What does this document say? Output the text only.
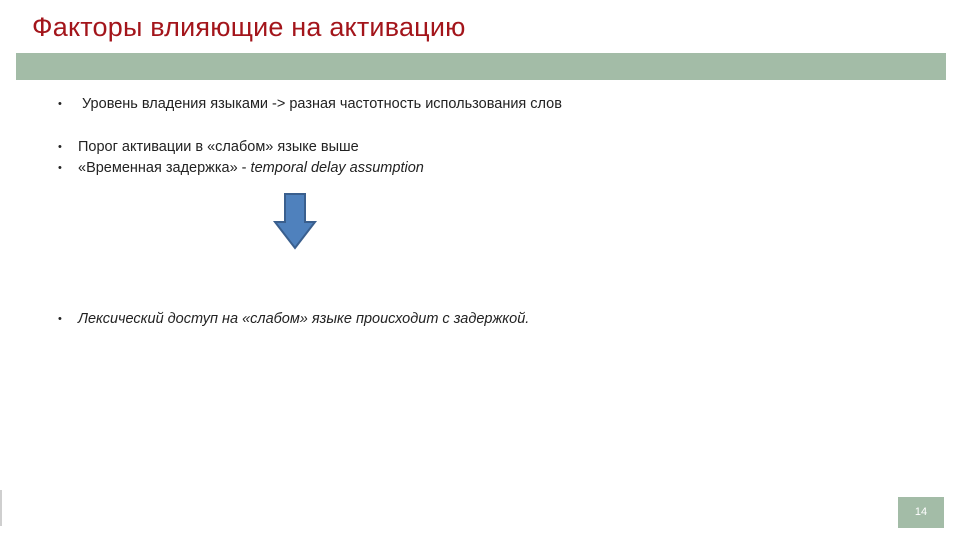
Факторы влияющие на активацию
• Уровень владения языками -> разная частотность использования слов
• Порог активации в «слабом» языке выше
• «Временная задержка» - temporal delay assumption
• Лексический доступ на «слабом» языке происходит с задержкой.
14
